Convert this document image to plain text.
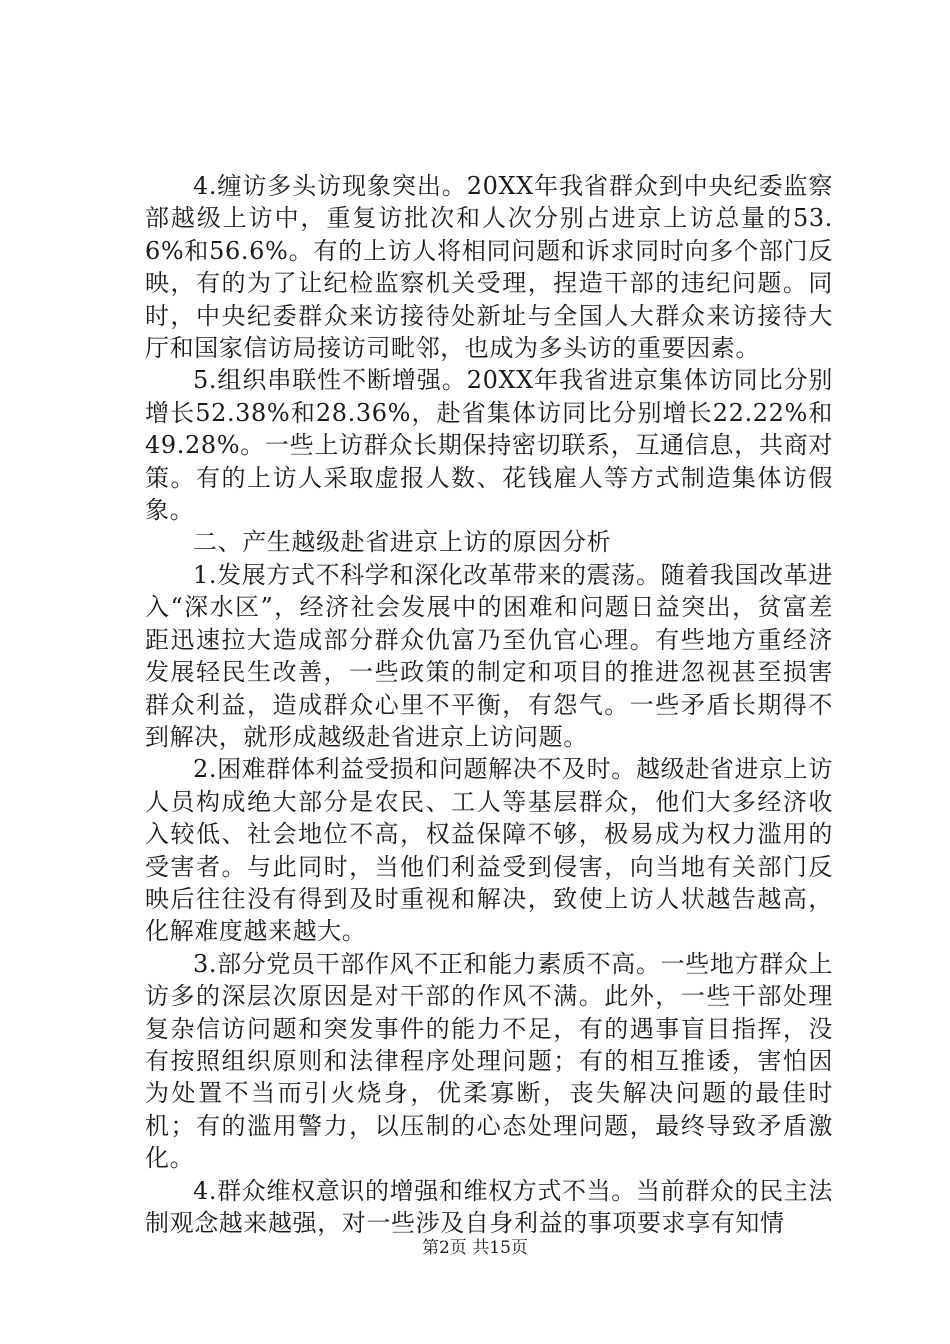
4.缠访多头访现象突出。20XX年我省群众到中央纪委监察部越级上访中，重复访批次和人次分别占进京上访总量的53.6%和56.6%。有的上访人将相同问题和诉求同时向多个部门反映，有的为了让纪检监察机关受理，捏造干部的违纪问题。同时，中央纪委群众来访接待处新址与全国人大群众来访接待大厅和国家信访局接访司毗邻，也成为多头访的重要因素。

5.组织串联性不断增强。20XX年我省进京集体访同比分别增长52.38%和28.36%，赴省集体访同比分别增长22.22%和49.28%。一些上访群众长期保持密切联系，互通信息，共商对策。有的上访人采取虚报人数、花钱雇人等方式制造集体访假象。

二、产生越级赴省进京上访的原因分析

1.发展方式不科学和深化改革带来的震荡。随着我国改革进入“深水区”，经济社会发展中的困难和问题日益突出，贫富差距迅速拉大造成部分群众仇富乃至仇官心理。有些地方重经济发展轻民生改善，一些政策的制定和项目的推进忽视甚至损害群众利益，造成群众心里不平衡，有怨气。一些矛盾长期得不到解决，就形成越级赴省进京上访问题。

2.困难群体利益受损和问题解决不及时。越级赴省进京上访人员构成绝大部分是农民、工人等基层群众，他们大多经济收入较低、社会地位不高，权益保障不够，极易成为权力滥用的受害者。与此同时，当他们利益受到侵害，向当地有关部门反映后往往没有得到及时重视和解决，致使上访人状越告越高，化解难度越来越大。

3.部分党员干部作风不正和能力素质不高。一些地方群众上访多的深层次原因是对干部的作风不满。此外，一些干部处理复杂信访问题和突发事件的能力不足，有的遇事盲目指挥，没有按照组织原则和法律程序处理问题；有的相互推诿，害怕因为处置不当而引火烧身，优柔寡断，丧失解决问题的最佳时机；有的滥用警力，以压制的心态处理问题，最终导致矛盾激化。

4.群众维权意识的增强和维权方式不当。当前群众的民主法制观念越来越强，对一些涉及自身利益的事项要求享有知情

第2页 共15页
